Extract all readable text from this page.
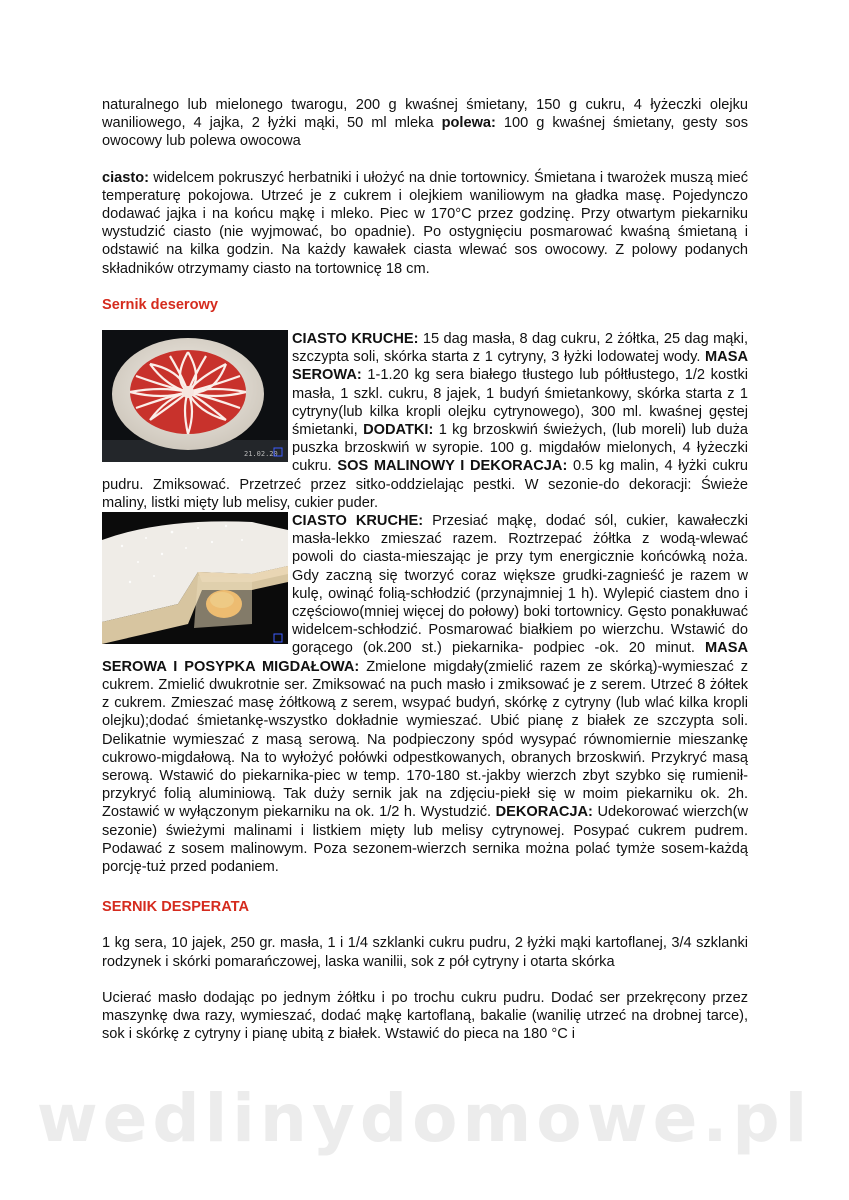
naturalnego lub mielonego twarogu, 200 g kwaśnej śmietany, 150 g cukru, 4 łyżeczki olejku waniliowego, 4 jajka, 2 łyżki mąki, 50 ml mleka polewa: 100 g kwaśnej śmietany, gesty sos owocowy lub polewa owocowa

ciasto: widelcem pokruszyć herbatniki i ułożyć na dnie tortownicy. Śmietana i twarożek muszą mieć temperaturę pokojowa. Utrzeć je z cukrem i olejkiem waniliowym na gładka masę. Pojedynczo dodawać jajka i na końcu mąkę i mleko. Piec w 170°C przez godzinę. Przy otwartym piekarniku wystudzić ciasto (nie wyjmować, bo opadnie). Po ostygnięciu posmarować kwaśną śmietaną i odstawić na kilka godzin. Na każdy kawałek ciasta wlewać sos owocowy. Z polowy podanych składników otrzymamy ciasto na tortownicę 18 cm.

Sernik deserowy
21.02.20

CIASTO KRUCHE: 15 dag masła, 8 dag cukru, 2 żółtka, 25 dag mąki, szczypta soli, skórka starta z 1 cytryny, 3 łyżki lodowatej wody. MASA SEROWA: 1-1.20 kg sera białego tłustego lub półtłustego, 1/2 kostki masła, 1 szkl. cukru, 8 jajek, 1 budyń śmietankowy, skórka starta z 1 cytryny(lub kilka kropli olejku cytrynowego), 300 ml. kwaśnej gęstej śmietanki, DODATKI: 1 kg brzoskwiń świeżych, (lub moreli) lub duża puszka brzoskwiń w syropie. 100 g. migdałów mielonych, 4 łyżeczki cukru. SOS MALINOWY I DEKORACJA: 0.5 kg malin, 4 łyżki cukru pudru. Zmiksować. Przetrzeć przez sitko-oddzielając pestki. W sezonie-do dekoracji: Świeże maliny, listki mięty lub melisy, cukier puder.

CIASTO KRUCHE: Przesiać mąkę, dodać sól, cukier, kawałeczki masła-lekko zmieszać razem. Roztrzepać żółtka z wodą-wlewać powoli do ciasta-mieszając je przy tym energicznie końcówką noża. Gdy zaczną się tworzyć coraz większe grudki-zagnieść je razem w kulę, owinąć folią-schłodzić (przynajmniej 1 h). Wylepić ciastem dno i częściowo(mniej więcej do połowy) boki tortownicy. Gęsto ponakłuwać widelcem-schłodzić. Posmarować białkiem po wierzchu. Wstawić do gorącego (ok.200 st.) piekarnika- podpiec -ok. 20 minut. MASA SEROWA I POSYPKA MIGDAŁOWA: Zmielone migdały(zmielić razem ze skórką)-wymieszać z cukrem. Zmielić dwukrotnie ser. Zmiksować na puch masło i zmiksować je z serem. Utrzeć 8 żółtek z cukrem. Zmieszać masę żółtkową z serem, wsypać budyń, skórkę z cytryny (lub wlać kilka kropli olejku);dodać śmietankę-wszystko dokładnie wymieszać. Ubić pianę z białek ze szczypta soli. Delikatnie wymieszać z masą serową. Na podpieczony spód wysypać równomiernie mieszankę cukrowo-migdałową. Na to wyłożyć połówki odpestkowanych, obranych brzoskwiń. Przykryć masą serową. Wstawić do piekarnika-piec w temp. 170-180 st.-jakby wierzch zbyt szybko się rumienił-przykryć folią aluminiową. Tak duży sernik jak na zdjęciu-piekł się w moim piekarniku ok. 2h. Zostawić w wyłączonym piekarniku na ok. 1/2 h. Wystudzić. DEKORACJA: Udekorować wierzch(w sezonie) świeżymi malinami i listkiem mięty lub melisy cytrynowej. Posypać cukrem pudrem. Podawać z sosem malinowym. Poza sezonem-wierzch sernika można polać tymże sosem-każdą porcję-tuż przed podaniem.

SERNIK DESPERATA

1 kg sera, 10 jajek, 250 gr. masła, 1 i 1/4 szklanki cukru pudru, 2 łyżki mąki kartoflanej, 3/4 szklanki rodzynek i skórki pomarańczowej, laska wanilii, sok z pół cytryny i otarta skórka

Ucierać masło dodając po jednym żółtku i po trochu cukru pudru. Dodać ser przekręcony przez maszynkę dwa razy, wymieszać, dodać mąkę kartoflaną, bakalie (wanilię utrzeć na drobnej tarce), sok i skórkę z cytryny i pianę ubitą z białek. Wstawić do pieca na 180 °C i

wedlinydomowe.pl
